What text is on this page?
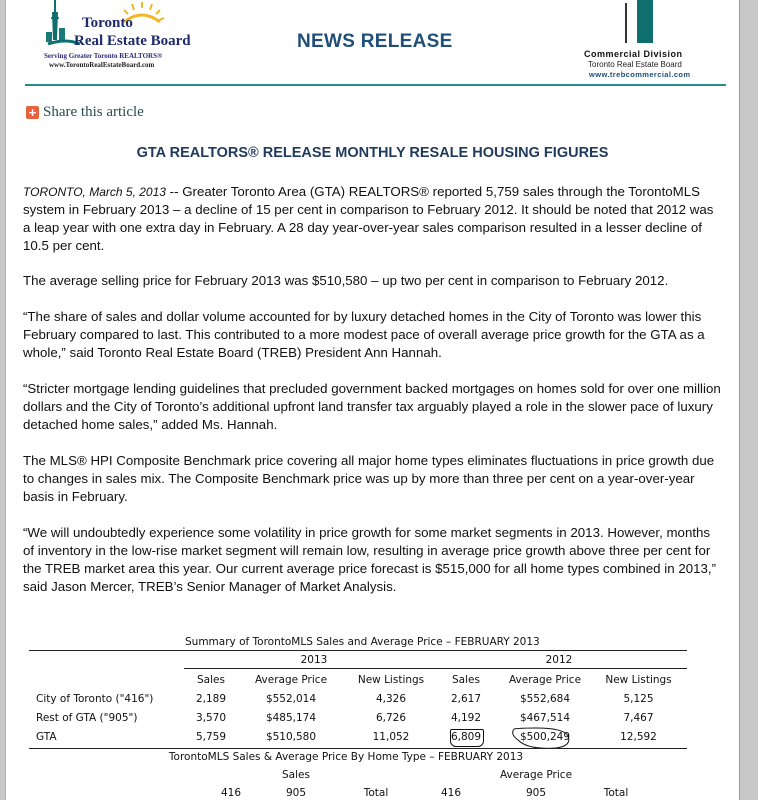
Toronto
Real Estate Board
Serving Greater Toronto REALTORS®
www.TorontoRealEstateBoard.com
NEWS RELEASE
Commercial Division
Toronto Real Estate Board
www.trebcommercial.com
+ Share this article
GTA REALTORS® RELEASE MONTHLY RESALE HOUSING FIGURES

TORONTO, March 5, 2013 -- Greater Toronto Area (GTA) REALTORS® reported 5,759 sales through the TorontoMLS system in February 2013 – a decline of 15 per cent in comparison to February 2012. It should be noted that 2012 was a leap year with one extra day in February. A 28 day year-over-year sales comparison resulted in a lesser decline of 10.5 per cent.

The average selling price for February 2013 was $510,580 – up two per cent in comparison to February 2012.
“The share of sales and dollar volume accounted for by luxury detached homes in the City of Toronto was lower this February compared to last. This contributed to a more modest pace of overall average price growth for the GTA as a whole,” said Toronto Real Estate Board (TREB) President Ann Hannah.
“Stricter mortgage lending guidelines that precluded government backed mortgages on homes sold for over one million dollars and the City of Toronto’s additional upfront land transfer tax arguably played a role in the slower pace of luxury detached home sales,” added Ms. Hannah.
The MLS® HPI Composite Benchmark price covering all major home types eliminates fluctuations in price growth due to changes in sales mix. The Composite Benchmark price was up by more than three per cent on a year-over-year basis in February.
“We will undoubtedly experience some volatility in price growth for some market segments in 2013. However, months of inventory in the low-rise market segment will remain low, resulting in average price growth above three per cent for the TREB market area this year. Our current average price forecast is $515,000 for all home types combined in 2013,” said Jason Mercer, TREB’s Senior Manager of Market Analysis.
Summary of TorontoMLS Sales and Average Price – FEBRUARY 2013
2013	2012
Sales	Average Price	New Listings	Sales	Average Price	New Listings
City of Toronto ("416")	2,189	$552,014	4,326	2,617	$552,684	5,125
Rest of GTA ("905")	3,570	$485,174	6,726	4,192	$467,514	7,467
GTA	5,759	$510,580	11,052	6,809	$500,249	12,592
TorontoMLS Sales & Average Price By Home Type – FEBRUARY 2013
Sales	Average Price
416	905	Total	416	905	Total
